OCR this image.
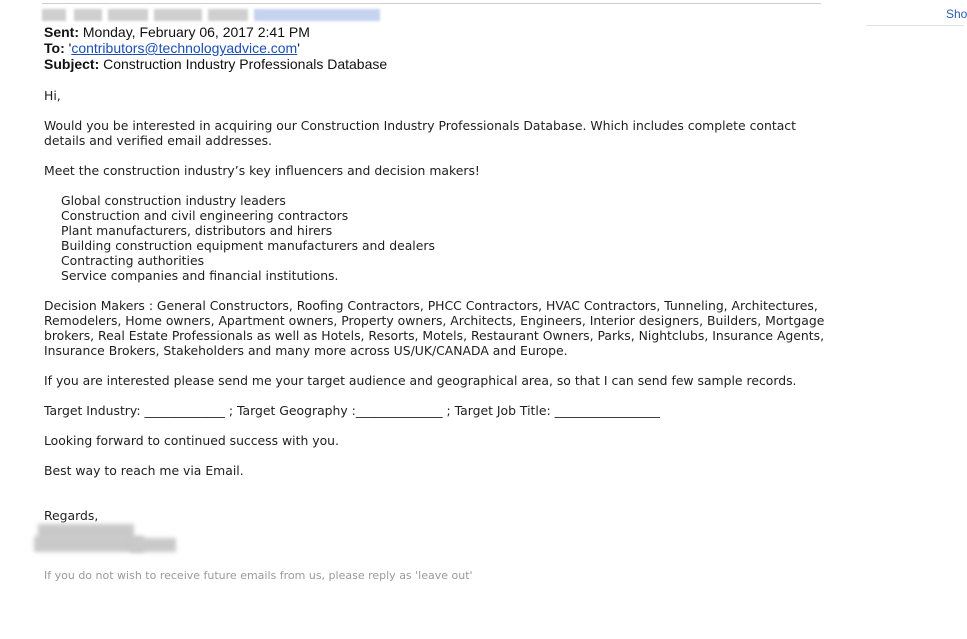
Sho
Sent: Monday, February 06, 2017 2:41 PM
To: 'contributors@technologyadvice.com'
Subject: Construction Industry Professionals Database
Hi,
Would you be interested in acquiring our Construction Industry Professionals Database. Which includes complete contact
details and verified email addresses.
Meet the construction industry’s key influencers and decision makers!
Global construction industry leaders
Construction and civil engineering contractors
Plant manufacturers, distributors and hirers
Building construction equipment manufacturers and dealers
Contracting authorities
Service companies and financial institutions.
Decision Makers : General Constructors, Roofing Contractors, PHCC Contractors, HVAC Contractors, Tunneling, Architectures,
Remodelers, Home owners, Apartment owners, Property owners, Architects, Engineers, Interior designers, Builders, Mortgage
brokers, Real Estate Professionals as well as Hotels, Resorts, Motels, Restaurant Owners, Parks, Nightclubs, Insurance Agents,
Insurance Brokers, Stakeholders and many more across US/UK/CANADA and Europe.
If you are interested please send me your target audience and geographical area, so that I can send few sample records.
Target Industry: _____________ ; Target Geography :______________ ; Target Job Title: _________________
Looking forward to continued success with you.
Best way to reach me via Email.
Regards,
If you do not wish to receive future emails from us, please reply as 'leave out'
